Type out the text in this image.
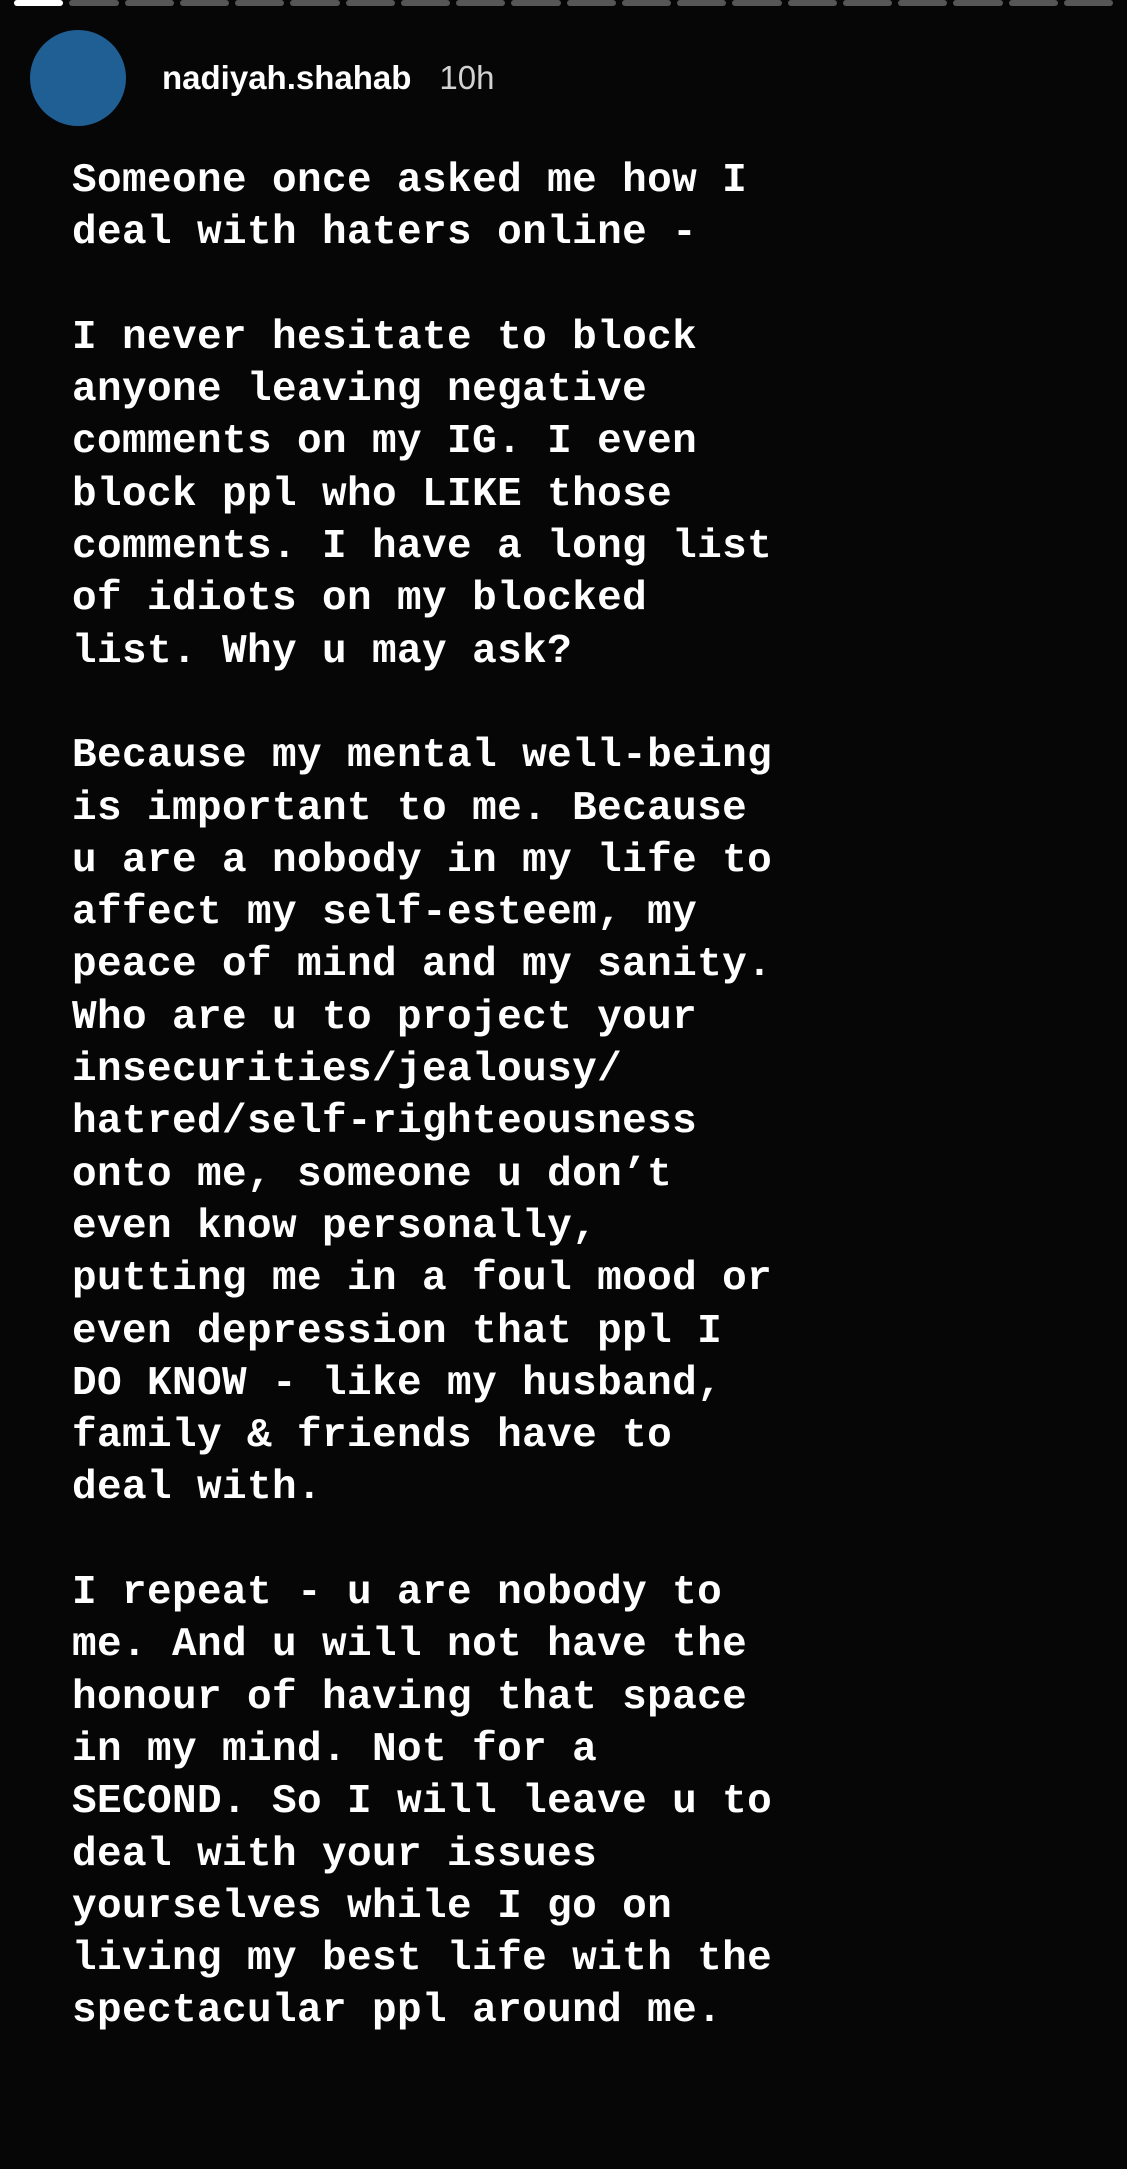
nadiyah.shahab 10h

Someone once asked me how I
deal with haters online -

I never hesitate to block
anyone leaving negative
comments on my IG. I even
block ppl who LIKE those
comments. I have a long list
of idiots on my blocked
list. Why u may ask?

Because my mental well-being
is important to me. Because
u are a nobody in my life to
affect my self-esteem, my
peace of mind and my sanity.
Who are u to project your
insecurities/jealousy/
hatred/self-righteousness
onto me, someone u don’t
even know personally,
putting me in a foul mood or
even depression that ppl I
DO KNOW - like my husband,
family & friends have to
deal with.

I repeat - u are nobody to
me. And u will not have the
honour of having that space
in my mind. Not for a
SECOND. So I will leave u to
deal with your issues
yourselves while I go on
living my best life with the
spectacular ppl around me.
